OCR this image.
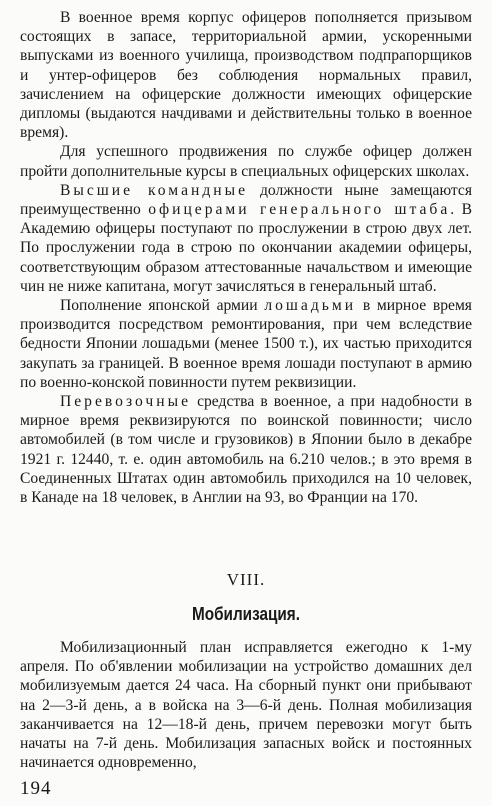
В военное время корпус офицеров пополняется призывом состоящих в запасе, территориальной армии, ускоренными выпусками из военного училища, производством подпрапорщиков и унтер-офицеров без соблюдения нормальных правил, зачислением на офицерские должности имеющих офицерские дипломы (выдаются начдивами и действительны только в военное время).

Для успешного продвижения по службе офицер должен пройти дополнительные курсы в специальных офицерских школах.

Высшие командные должности ныне замещаются преимущественно офицерами генерального штаба. В Академию офицеры поступают по прослужении в строю двух лет. По прослужении года в строю по окончании академии офицеры, соответствующим образом аттестованные начальством и имеющие чин не ниже капитана, могут зачисляться в генеральный штаб.

Пополнение японской армии лошадьми в мирное время производится посредством ремонтирования, при чем вследствие бедности Японии лошадьми (менее 1500 т.), их частью приходится закупать за границей. В военное время лошади поступают в армию по военно-конской повинности путем реквизиции.

Перевозочные средства в военное, а при надобности в мирное время реквизируются по воинской повинности; число автомобилей (в том числе и грузовиков) в Японии было в декабре 1921 г. 12440, т. е. один автомобиль на 6.210 челов.; в это время в Соединенных Штатах один автомобиль приходился на 10 человек, в Канаде на 18 человек, в Англии на 93, во Франции на 170.

VIII.
Мобилизация.

Мобилизационный план исправляется ежегодно к 1-му апреля. По об'явлении мобилизации на устройство домашних дел мобилизуемым дается 24 часа. На сборный пункт они прибывают на 2—3-й день, а в войска на 3—6-й день. Полная мобилизация заканчивается на 12—18-й день, причем перевозки могут быть начаты на 7-й день. Мобилизация запасных войск и постоянных начинается одновременно,

194
